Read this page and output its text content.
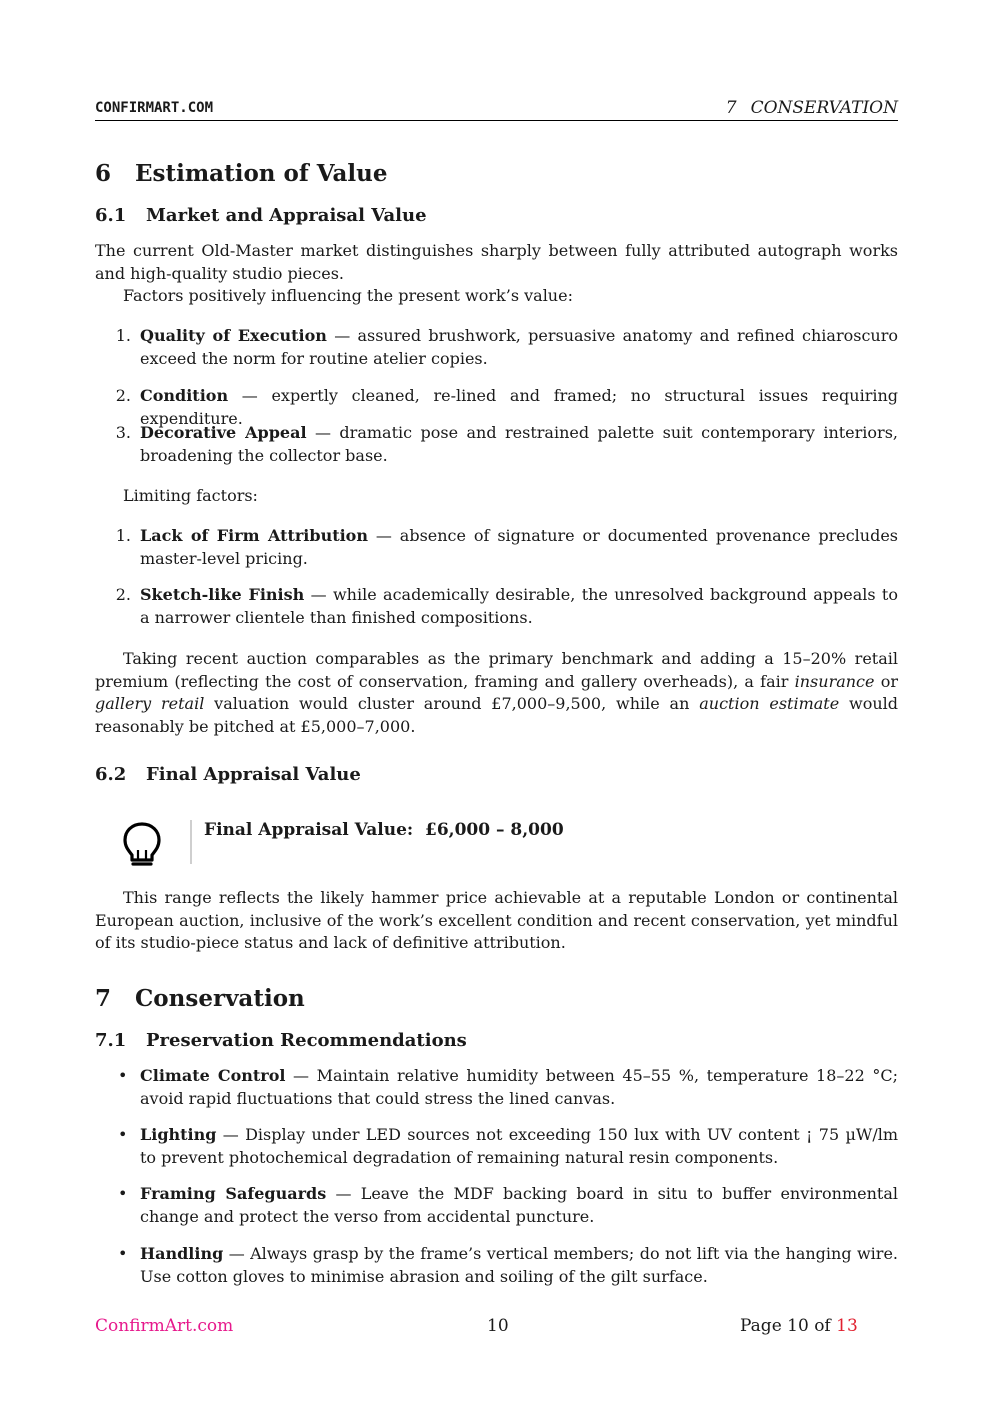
CONFIRMART.COM	7 CONSERVATION
6 Estimation of Value
6.1 Market and Appraisal Value

The current Old-Master market distinguishes sharply between fully attributed autograph works and high-quality studio pieces.

Factors positively influencing the present work’s value:

1. Quality of Execution — assured brushwork, persuasive anatomy and refined chiaroscuro exceed the norm for routine atelier copies.
2. Condition — expertly cleaned, re-lined and framed; no structural issues requiring expenditure.
3. Decorative Appeal — dramatic pose and restrained palette suit contemporary interiors, broadening the collector base.

Limiting factors:

1. Lack of Firm Attribution — absence of signature or documented provenance precludes master-level pricing.
2. Sketch-like Finish — while academically desirable, the unresolved background appeals to a narrower clientele than finished compositions.

Taking recent auction comparables as the primary benchmark and adding a 15–20% retail premium (reflecting the cost of conservation, framing and gallery overheads), a fair insurance or gallery retail valuation would cluster around £7,000–9,500, while an auction estimate would reasonably be pitched at £5,000–7,000.

6.2 Final Appraisal Value
Final Appraisal Value:  £6,000 – 8,000

This range reflects the likely hammer price achievable at a reputable London or continental European auction, inclusive of the work’s excellent condition and recent conservation, yet mindful of its studio-piece status and lack of definitive attribution.

7 Conservation
7.1 Preservation Recommendations
• Climate Control — Maintain relative humidity between 45–55 %, temperature 18–22 °C; avoid rapid fluctuations that could stress the lined canvas.
• Lighting — Display under LED sources not exceeding 150 lux with UV content ¡ 75 µW/lm to prevent photochemical degradation of remaining natural resin components.
• Framing Safeguards — Leave the MDF backing board in situ to buffer environmental change and protect the verso from accidental puncture.
• Handling — Always grasp by the frame’s vertical members; do not lift via the hanging wire. Use cotton gloves to minimise abrasion and soiling of the gilt surface.
ConfirmArt.com	10	Page 10 of 13
